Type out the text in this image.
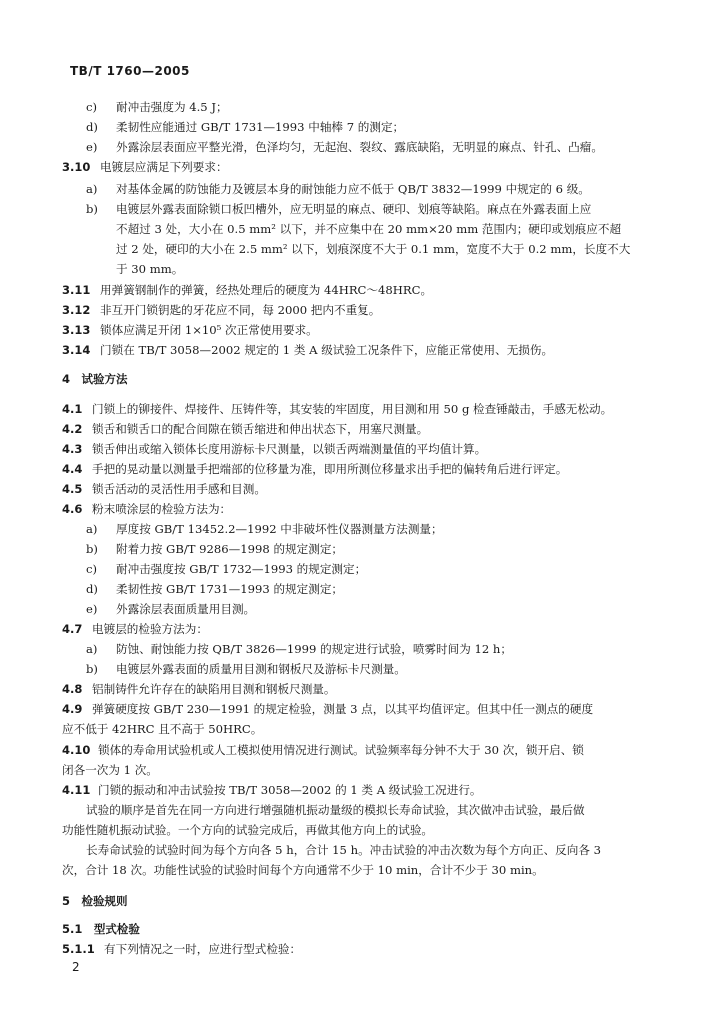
TB/T 1760—2005
c) 耐冲击强度为 4.5 J；
d) 柔韧性应能通过 GB/T 1731—1993 中轴棒 7 的测定；
e) 外露涂层表面应平整光滑，色泽均匀，无起泡、裂纹、露底缺陷，无明显的麻点、针孔、凸瘤。
3.10 电镀层应满足下列要求：
a) 对基体金属的防蚀能力及镀层本身的耐蚀能力应不低于 QB/T 3832—1999 中规定的 6 级。
b) 电镀层外露表面除锁口板凹槽外，应无明显的麻点、硬印、划痕等缺陷。麻点在外露表面上应
不超过 3 处，大小在 0.5 mm² 以下，并不应集中在 20 mm×20 mm 范围内；硬印或划痕应不超
过 2 处，硬印的大小在 2.5 mm² 以下，划痕深度不大于 0.1 mm，宽度不大于 0.2 mm，长度不大
于 30 mm。
3.11 用弹簧钢制作的弹簧，经热处理后的硬度为 44HRC～48HRC。
3.12 非互开门锁钥匙的牙花应不同，每 2000 把内不重复。
3.13 锁体应满足开闭 1×10⁵ 次正常使用要求。
3.14 门锁在 TB/T 3058—2002 规定的 1 类 A 级试验工况条件下，应能正常使用、无损伤。
4　试验方法
4.1 门锁上的铆接件、焊接件、压铸件等，其安装的牢固度，用目测和用 50 g 检查锤敲击，手感无松动。
4.2 锁舌和锁舌口的配合间隙在锁舌缩进和伸出状态下，用塞尺测量。
4.3 锁舌伸出或缩入锁体长度用游标卡尺测量，以锁舌两端测量值的平均值计算。
4.4 手把的晃动量以测量手把端部的位移量为准，即用所测位移量求出手把的偏转角后进行评定。
4.5 锁舌活动的灵活性用手感和目测。
4.6 粉末喷涂层的检验方法为：
a) 厚度按 GB/T 13452.2—1992 中非破坏性仪器测量方法测量；
b) 附着力按 GB/T 9286—1998 的规定测定；
c) 耐冲击强度按 GB/T 1732—1993 的规定测定；
d) 柔韧性按 GB/T 1731—1993 的规定测定；
e) 外露涂层表面质量用目测。
4.7 电镀层的检验方法为：
a) 防蚀、耐蚀能力按 QB/T 3826—1999 的规定进行试验，喷雾时间为 12 h；
b) 电镀层外露表面的质量用目测和钢板尺及游标卡尺测量。
4.8 铝制铸件允许存在的缺陷用目测和钢板尺测量。
4.9 弹簧硬度按 GB/T 230—1991 的规定检验，测量 3 点，以其平均值评定。但其中任一测点的硬度
应不低于 42HRC 且不高于 50HRC。
4.10 锁体的寿命用试验机或人工模拟使用情况进行测试。试验频率每分钟不大于 30 次，锁开启、锁
闭各一次为 1 次。
4.11 门锁的振动和冲击试验按 TB/T 3058—2002 的 1 类 A 级试验工况进行。
试验的顺序是首先在同一方向进行增强随机振动量级的模拟长寿命试验，其次做冲击试验，最后做
功能性随机振动试验。一个方向的试验完成后，再做其他方向上的试验。
长寿命试验的试验时间为每个方向各 5 h，合计 15 h。冲击试验的冲击次数为每个方向正、反向各 3
次，合计 18 次。功能性试验的试验时间每个方向通常不少于 10 min，合计不少于 30 min。
5　检验规则
5.1　型式检验
5.1.1 有下列情况之一时，应进行型式检验：
2
